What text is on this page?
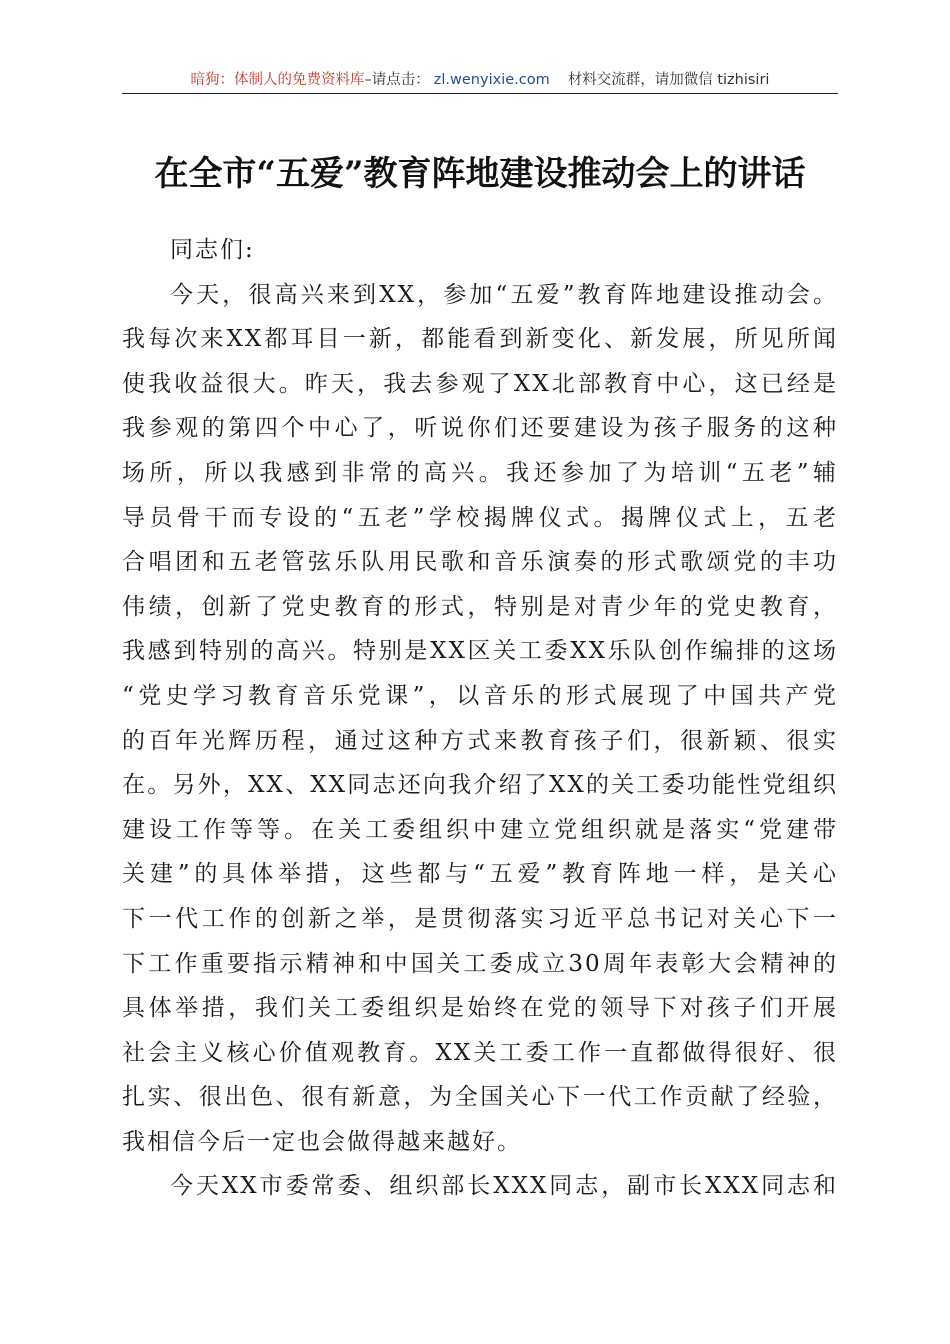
暗狗：体制人的免费资料库–请点击： zl.wenyixie.com 材料交流群，请加微信 tizhisiri
在全市“五爱”教育阵地建设推动会上的讲话
同志们:
今天，很高兴来到XX，参加“五爱”教育阵地建设推动会。
我每次来XX都耳目一新，都能看到新变化、新发展，所见所闻
使我收益很大。昨天，我去参观了XX北部教育中心，这已经是
我参观的第四个中心了，听说你们还要建设为孩子服务的这种
场所，所以我感到非常的高兴。我还参加了为培训“五老”辅
导员骨干而专设的“五老”学校揭牌仪式。揭牌仪式上，五老
合唱团和五老管弦乐队用民歌和音乐演奏的形式歌颂党的丰功
伟绩，创新了党史教育的形式，特别是对青少年的党史教育，
我感到特别的高兴。特别是XX区关工委XX乐队创作编排的这场
“党史学习教育音乐党课”，以音乐的形式展现了中国共产党
的百年光辉历程，通过这种方式来教育孩子们，很新颖、很实
在。另外，XX、XX同志还向我介绍了XX的关工委功能性党组织
建设工作等等。在关工委组织中建立党组织就是落实“党建带
关建”的具体举措，这些都与“五爱”教育阵地一样，是关心
下一代工作的创新之举，是贯彻落实习近平总书记对关心下一
下工作重要指示精神和中国关工委成立30周年表彰大会精神的
具体举措，我们关工委组织是始终在党的领导下对孩子们开展
社会主义核心价值观教育。XX关工委工作一直都做得很好、很
扎实、很出色、很有新意，为全国关心下一代工作贡献了经验，
我相信今后一定也会做得越来越好。
今天XX市委常委、组织部长XXX同志，副市长XXX同志和
